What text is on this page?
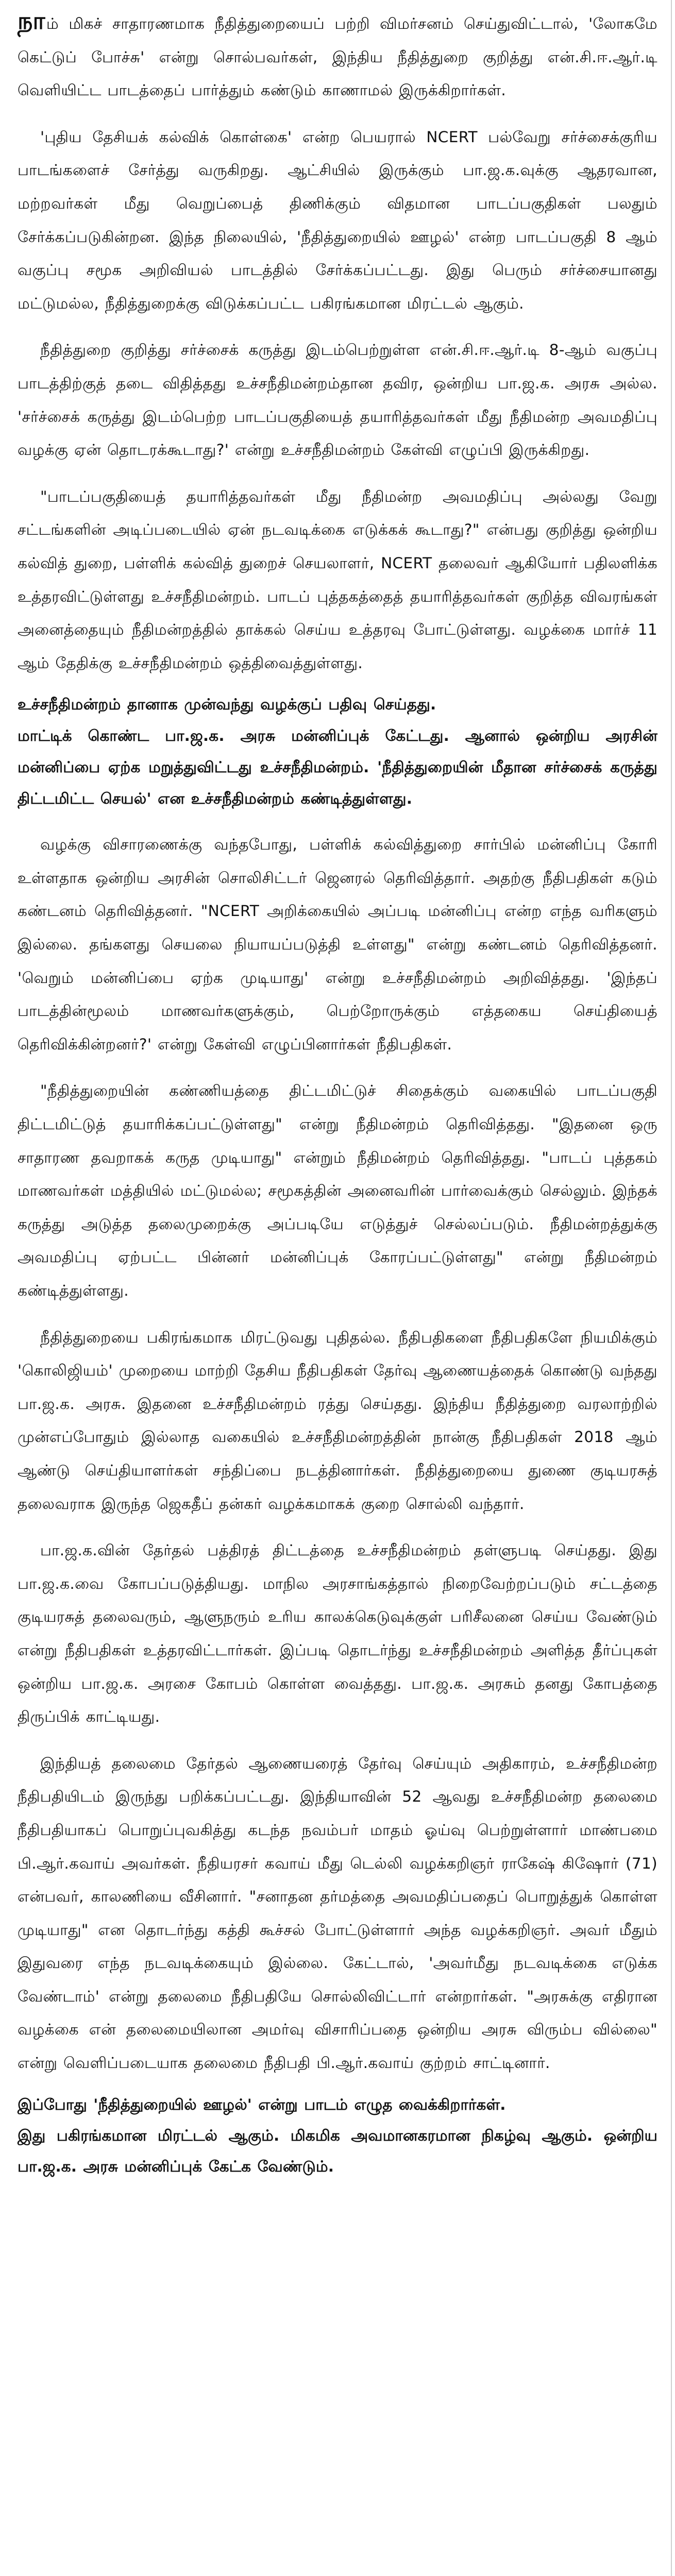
நாம் மிகச் சாதாரணமாக நீதித்துறையைப் பற்றி விமர்சனம் செய்துவிட்டால், 'லோகமே கெட்டுப் போச்சு' என்று சொல்பவர்கள், இந்திய நீதித்துறை குறித்து என்.சி.ஈ.ஆர்.டி வெளியிட்ட பாடத்தைப் பார்த்தும் கண்டும் காணாமல் இருக்கிறார்கள்.

'புதிய தேசியக் கல்விக் கொள்கை' என்ற பெயரால் NCERT பல்வேறு சர்ச்சைக்குரிய பாடங்களைச் சேர்த்து வருகிறது. ஆட்சியில் இருக்கும் பா.ஜ.க.வுக்கு ஆதரவான, மற்றவர்கள் மீது வெறுப்பைத் திணிக்கும் விதமான பாடப்பகுதிகள் பலதும் சேர்க்கப்படுகின்றன. இந்த நிலையில், 'நீதித்துறையில் ஊழல்' என்ற பாடப்பகுதி 8 ஆம் வகுப்பு சமூக அறிவியல் பாடத்தில் சேர்க்கப்பட்டது. இது பெரும் சர்ச்சையானது மட்டுமல்ல, நீதித்துறைக்கு விடுக்கப்பட்ட பகிரங்கமான மிரட்டல் ஆகும்.

நீதித்துறை குறித்து சர்ச்சைக் கருத்து இடம்பெற்றுள்ள என்.சி.ஈ.ஆர்.டி 8-ஆம் வகுப்பு பாடத்திற்குத் தடை விதித்தது உச்சநீதிமன்றம்தான தவிர, ஒன்றிய பா.ஜ.க. அரசு அல்ல. 'சர்ச்சைக் கருத்து இடம்பெற்ற பாடப்பகுதியைத் தயாரித்தவர்கள் மீது நீதிமன்ற அவமதிப்பு வழக்கு ஏன் தொடரக்கூடாது?' என்று உச்சநீதிமன்றம் கேள்வி எழுப்பி இருக்கிறது.

"பாடப்பகுதியைத் தயாரித்தவர்கள் மீது நீதிமன்ற அவமதிப்பு அல்லது வேறு சட்டங்களின் அடிப்படையில் ஏன் நடவடிக்கை எடுக்கக் கூடாது?" என்பது குறித்து ஒன்றிய கல்வித் துறை, பள்ளிக் கல்வித் துறைச் செயலாளர், NCERT தலைவர் ஆகியோர் பதிலளிக்க உத்தரவிட்டுள்ளது உச்சநீதிமன்றம். பாடப் புத்தகத்தைத் தயாரித்தவர்கள் குறித்த விவரங்கள் அனைத்தையும் நீதிமன்றத்தில் தாக்கல் செய்ய உத்தரவு போட்டுள்ளது. வழக்கை மார்ச் 11 ஆம் தேதிக்கு உச்சநீதிமன்றம் ஒத்திவைத்துள்ளது.

உச்சநீதிமன்றம் தானாக முன்வந்து வழக்குப் பதிவு செய்தது.

மாட்டிக் கொண்ட பா.ஜ.க. அரசு மன்னிப்புக் கேட்டது. ஆனால் ஒன்றிய அரசின் மன்னிப்பை ஏற்க மறுத்துவிட்டது உச்சநீதிமன்றம். 'நீதித்துறையின் மீதான சர்ச்சைக் கருத்து திட்டமிட்ட செயல்' என உச்சநீதிமன்றம் கண்டித்துள்ளது.

வழக்கு விசாரணைக்கு வந்தபோது, பள்ளிக் கல்வித்துறை சார்பில் மன்னிப்பு கோரி உள்ளதாக ஒன்றிய அரசின் சொலிசிட்டர் ஜெனரல் தெரிவித்தார். அதற்கு நீதிபதிகள் கடும் கண்டனம் தெரிவித்தனர். "NCERT அறிக்கையில் அப்படி மன்னிப்பு என்ற எந்த வரிகளும் இல்லை. தங்களது செயலை நியாயப்படுத்தி உள்ளது" என்று கண்டனம் தெரிவித்தனர். 'வெறும் மன்னிப்பை ஏற்க முடியாது' என்று உச்சநீதிமன்றம் அறிவித்தது. 'இந்தப் பாடத்தின்மூலம் மாணவர்களுக்கும், பெற்றோருக்கும் எத்தகைய செய்தியைத் தெரிவிக்கின்றனர்?' என்று கேள்வி எழுப்பினார்கள் நீதிபதிகள்.

"நீதித்துறையின் கண்ணியத்தை திட்டமிட்டுச் சிதைக்கும் வகையில் பாடப்பகுதி திட்டமிட்டுத் தயாரிக்கப்பட்டுள்ளது" என்று நீதிமன்றம் தெரிவித்தது. "இதனை ஒரு சாதாரண தவறாகக் கருத முடியாது" என்றும் நீதிமன்றம் தெரிவித்தது. "பாடப் புத்தகம் மாணவர்கள் மத்தியில் மட்டுமல்ல; சமூகத்தின் அனைவரின் பார்வைக்கும் செல்லும். இந்தக் கருத்து அடுத்த தலைமுறைக்கு அப்படியே எடுத்துச் செல்லப்படும். நீதிமன்றத்துக்கு அவமதிப்பு ஏற்பட்ட பின்னர் மன்னிப்புக் கோரப்பட்டுள்ளது" என்று நீதிமன்றம் கண்டித்துள்ளது.

நீதித்துறையை பகிரங்கமாக மிரட்டுவது புதிதல்ல. நீதிபதிகளை நீதிபதிகளே நியமிக்கும் 'கொலிஜியம்' முறையை மாற்றி தேசிய நீதிபதிகள் தேர்வு ஆணையத்தைக் கொண்டு வந்தது பா.ஜ.க. அரசு. இதனை உச்சநீதிமன்றம் ரத்து செய்தது. இந்திய நீதித்துறை வரலாற்றில் முன்எப்போதும் இல்லாத வகையில் உச்சநீதிமன்றத்தின் நான்கு நீதிபதிகள் 2018 ஆம் ஆண்டு செய்தியாளர்கள் சந்திப்பை நடத்தினார்கள். நீதித்துறையை துணை குடியரசுத் தலைவராக இருந்த ஜெகதீப் தன்கர் வழக்கமாகக் குறை சொல்லி வந்தார்.

பா.ஜ.க.வின் தேர்தல் பத்திரத் திட்டத்தை உச்சநீதிமன்றம் தள்ளுபடி செய்தது. இது பா.ஜ.க.வை கோபப்படுத்தியது. மாநில அரசாங்கத்தால் நிறைவேற்றப்படும் சட்டத்தை குடியரசுத் தலைவரும், ஆளுநரும் உரிய காலக்கெடுவுக்குள் பரிசீலனை செய்ய வேண்டும் என்று நீதிபதிகள் உத்தரவிட்டார்கள். இப்படி தொடர்ந்து உச்சநீதிமன்றம் அளித்த தீர்ப்புகள் ஒன்றிய பா.ஜ.க. அரசை கோபம் கொள்ள வைத்தது. பா.ஜ.க. அரசும் தனது கோபத்தை திருப்பிக் காட்டியது.

இந்தியத் தலைமை தேர்தல் ஆணையரைத் தேர்வு செய்யும் அதிகாரம், உச்சநீதிமன்ற நீதிபதியிடம் இருந்து பறிக்கப்பட்டது. இந்தியாவின் 52 ஆவது உச்சநீதிமன்ற தலைமை நீதிபதியாகப் பொறுப்புவகித்து கடந்த நவம்பர் மாதம் ஓய்வு பெற்றுள்ளார் மாண்பமை பி.ஆர்.கவாய் அவர்கள். நீதியரசர் கவாய் மீது டெல்லி வழக்கறிஞர் ராகேஷ் கிஷோர் (71) என்பவர், காலணியை வீசினார். "சனாதன தர்மத்தை அவமதிப்பதைப் பொறுத்துக் கொள்ள முடியாது" என தொடர்ந்து கத்தி கூச்சல் போட்டுள்ளார் அந்த வழக்கறிஞர். அவர் மீதும் இதுவரை எந்த நடவடிக்கையும் இல்லை. கேட்டால், 'அவர்மீது நடவடிக்கை எடுக்க வேண்டாம்' என்று தலைமை நீதிபதியே சொல்லிவிட்டார் என்றார்கள். "அரசுக்கு எதிரான வழக்கை என் தலைமையிலான அமர்வு விசாரிப்பதை ஒன்றிய அரசு விரும்ப வில்லை" என்று வெளிப்படையாக தலைமை நீதிபதி பி.ஆர்.கவாய் குற்றம் சாட்டினார்.

இப்போது 'நீதித்துறையில் ஊழல்' என்று பாடம் எழுத வைக்கிறார்கள்.

இது பகிரங்கமான மிரட்டல் ஆகும். மிகமிக அவமானகரமான நிகழ்வு ஆகும். ஒன்றிய பா.ஜ.க. அரசு மன்னிப்புக் கேட்க வேண்டும்.
